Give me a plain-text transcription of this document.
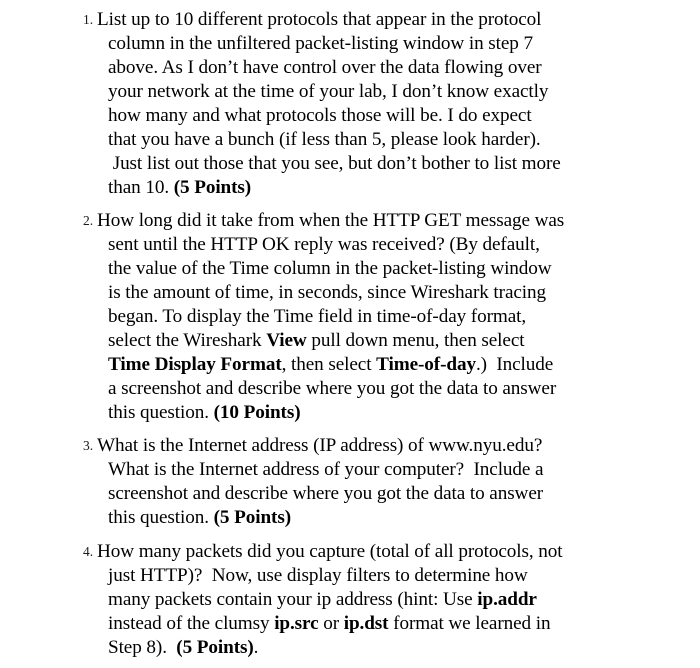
1. List up to 10 different protocols that appear in the protocol
column in the unfiltered packet-listing window in step 7
above. As I don’t have control over the data flowing over
your network at the time of your lab, I don’t know exactly
how many and what protocols those will be. I do expect
that you have a bunch (if less than 5, please look harder).
Just list out those that you see, but don’t bother to list more
than 10. (5 Points)
2. How long did it take from when the HTTP GET message was
sent until the HTTP OK reply was received? (By default,
the value of the Time column in the packet-listing window
is the amount of time, in seconds, since Wireshark tracing
began. To display the Time field in time-of-day format,
select the Wireshark View pull down menu, then select
Time Display Format, then select Time-of-day.)  Include
a screenshot and describe where you got the data to answer
this question. (10 Points)
3. What is the Internet address (IP address) of www.nyu.edu?
What is the Internet address of your computer?  Include a
screenshot and describe where you got the data to answer
this question. (5 Points)
4. How many packets did you capture (total of all protocols, not
just HTTP)?  Now, use display filters to determine how
many packets contain your ip address (hint: Use ip.addr
instead of the clumsy ip.src or ip.dst format we learned in
Step 8).  (5 Points).
